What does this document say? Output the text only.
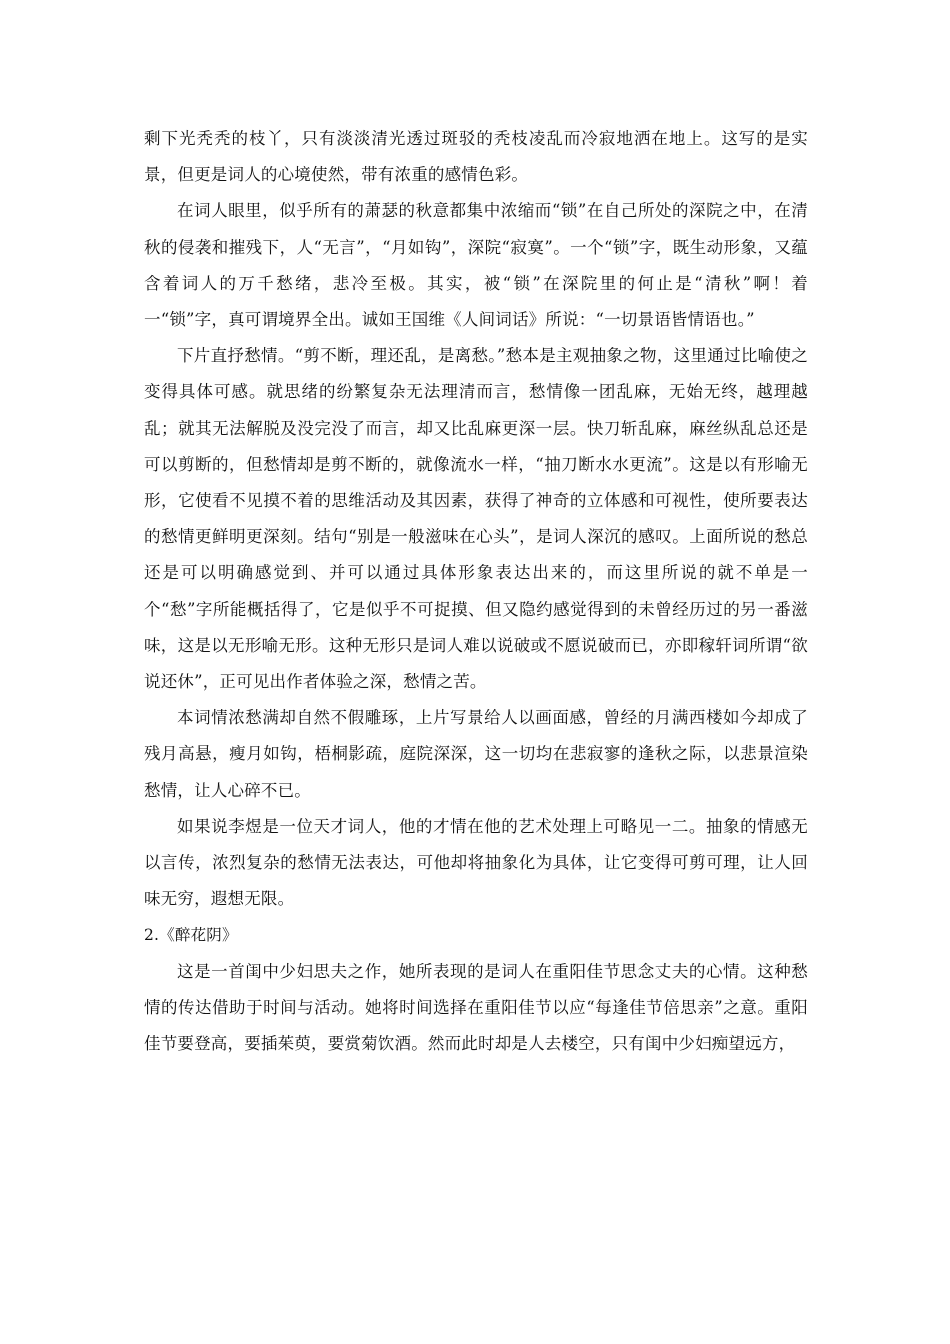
剩下光秃秃的枝丫，只有淡淡清光透过斑驳的秃枝凌乱而冷寂地洒在地上。这写的是实景，但更是词人的心境使然，带有浓重的感情色彩。

在词人眼里，似乎所有的萧瑟的秋意都集中浓缩而“锁”在自己所处的深院之中，在清秋的侵袭和摧残下，人“无言”，“月如钩”，深院“寂寞”。一个“锁”字，既生动形象，又蕴含着词人的万千愁绪，悲冷至极。其实，被“锁”在深院里的何止是“清秋”啊！着一“锁”字，真可谓境界全出。诚如王国维《人间词话》所说：“一切景语皆情语也。”

下片直抒愁情。“剪不断，理还乱，是离愁。”愁本是主观抽象之物，这里通过比喻使之变得具体可感。就思绪的纷繁复杂无法理清而言，愁情像一团乱麻，无始无终，越理越乱；就其无法解脱及没完没了而言，却又比乱麻更深一层。快刀斩乱麻，麻丝纵乱总还是可以剪断的，但愁情却是剪不断的，就像流水一样，“抽刀断水水更流”。这是以有形喻无形，它使看不见摸不着的思维活动及其因素，获得了神奇的立体感和可视性，使所要表达的愁情更鲜明更深刻。结句“别是一般滋味在心头”，是词人深沉的感叹。上面所说的愁总还是可以明确感觉到、并可以通过具体形象表达出来的，而这里所说的就不单是一个“愁”字所能概括得了，它是似乎不可捉摸、但又隐约感觉得到的未曾经历过的另一番滋味，这是以无形喻无形。这种无形只是词人难以说破或不愿说破而已，亦即稼轩词所谓“欲说还休”，正可见出作者体验之深，愁情之苦。

本词情浓愁满却自然不假雕琢，上片写景给人以画面感，曾经的月满西楼如今却成了残月高悬，瘦月如钩，梧桐影疏，庭院深深，这一切均在悲寂寥的逢秋之际，以悲景渲染愁情，让人心碎不已。

如果说李煜是一位天才词人，他的才情在他的艺术处理上可略见一二。抽象的情感无以言传，浓烈复杂的愁情无法表达，可他却将抽象化为具体，让它变得可剪可理，让人回味无穷，遐想无限。

2.《醉花阴》

这是一首闺中少妇思夫之作，她所表现的是词人在重阳佳节思念丈夫的心情。这种愁情的传达借助于时间与活动。她将时间选择在重阳佳节以应“每逢佳节倍思亲”之意。重阳佳节要登高，要插茱萸，要赏菊饮酒。然而此时却是人去楼空，只有闺中少妇痴望远方，
